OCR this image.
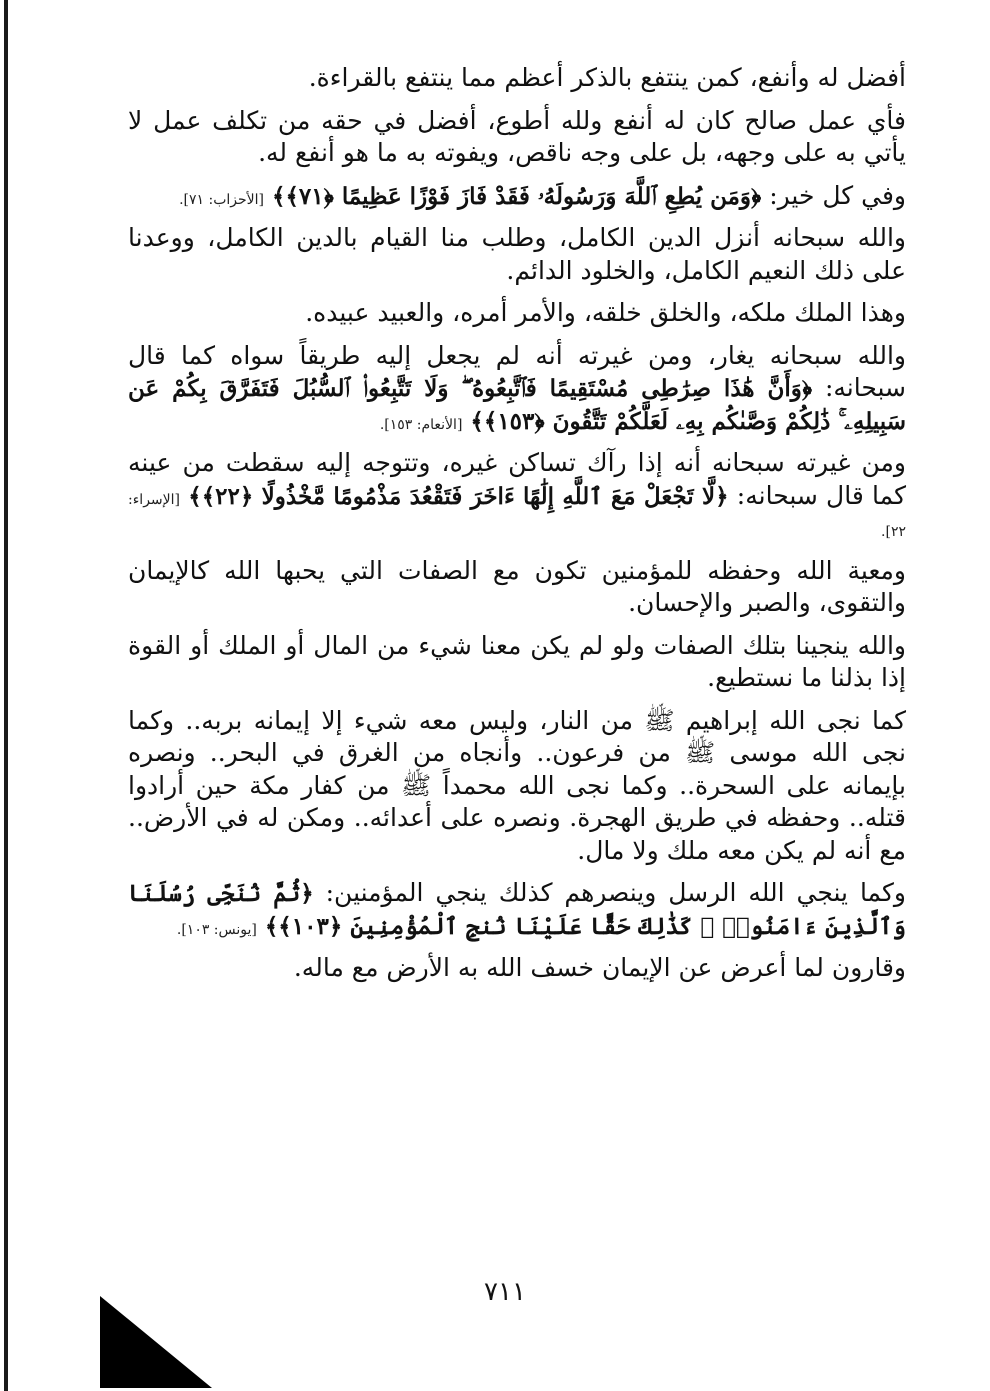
أفضل له وأنفع، كمن ينتفع بالذكر أعظم مما ينتفع بالقراءة.

فأي عمل صالح كان له أنفع ولله أطوع، أفضل في حقه من تكلف عمل لا يأتي به على وجهه، بل على وجه ناقص، ويفوته به ما هو أنفع له.

وفي كل خير: ﴿وَمَن يُطِعِ ٱللَّهَ وَرَسُولَهُۥ فَقَدْ فَازَ فَوْزًا عَظِيمًا ﴿٧١﴾﴾ [الأحزاب: ٧١].

والله سبحانه أنزل الدين الكامل، وطلب منا القيام بالدين الكامل، ووعدنا على ذلك النعيم الكامل، والخلود الدائم.

وهذا الملك ملكه، والخلق خلقه، والأمر أمره، والعبيد عبيده.

والله سبحانه يغار، ومن غيرته أنه لم يجعل إليه طريقاً سواه كما قال سبحانه: ﴿وَأَنَّ هَٰذَا صِرَٰطِى مُسْتَقِيمًا فَٱتَّبِعُوهُ ۖ وَلَا تَتَّبِعُوا۟ ٱلسُّبُلَ فَتَفَرَّقَ بِكُمْ عَن سَبِيلِهِۦ ۚ ذَٰلِكُمْ وَصَّىٰكُم بِهِۦ لَعَلَّكُمْ تَتَّقُونَ ﴿١٥٣﴾﴾ [الأنعام: ١٥٣].

ومن غيرته سبحانه أنه إذا رآك تساكن غيره، وتتوجه إليه سقطت من عينه كما قال سبحانه: ﴿لَّا تَجْعَلْ مَعَ ٱللَّهِ إِلَٰهًا ءَاخَرَ فَتَقْعُدَ مَذْمُومًا مَّخْذُولًا ﴿٢٢﴾﴾ [الإسراء: ٢٢].

ومعية الله وحفظه للمؤمنين تكون مع الصفات التي يحبها الله كالإيمان والتقوى، والصبر والإحسان.

والله ينجينا بتلك الصفات ولو لم يكن معنا شيء من المال أو الملك أو القوة إذا بذلنا ما نستطيع.

كما نجى الله إبراهيم ﷺ من النار، وليس معه شيء إلا إيمانه بربه.. وكما نجى الله موسى ﷺ من فرعون.. وأنجاه من الغرق في البحر.. ونصره بإيمانه على السحرة.. وكما نجى الله محمداً ﷺ من كفار مكة حين أرادوا قتله.. وحفظه في طريق الهجرة. ونصره على أعدائه.. ومكن له في الأرض.. مع أنه لم يكن معه ملك ولا مال.

وكما ينجي الله الرسل وينصرهم كذلك ينجي المؤمنين: ﴿ثُمَّ نُنَجِّى رُسُلَنَا وَٱلَّذِينَ ءَامَنُوا۟ ۚ كَذَٰلِكَ حَقًّا عَلَيْنَا نُنجِ ٱلْمُؤْمِنِينَ ﴿١٠٣﴾﴾ [يونس: ١٠٣].

وقارون لما أعرض عن الإيمان خسف الله به الأرض مع ماله.

٧١١
